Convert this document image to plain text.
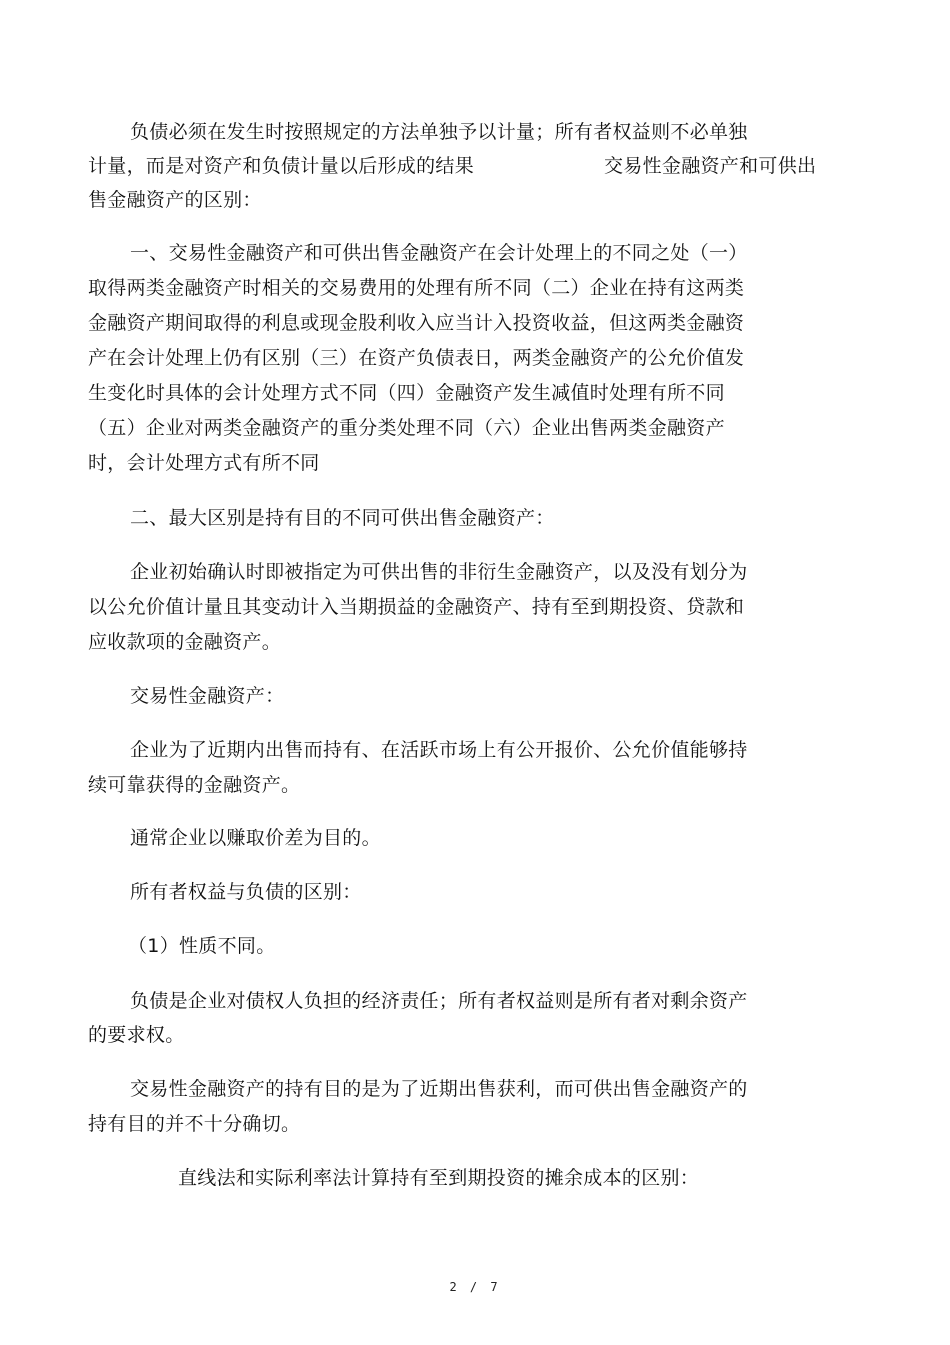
负债必须在发生时按照规定的方法单独予以计量；所有者权益则不必单独
计量，而是对资产和负债计量以后形成的结果	交易性金融资产和可供出
售金融资产的区别：
一、交易性金融资产和可供出售金融资产在会计处理上的不同之处（一）
取得两类金融资产时相关的交易费用的处理有所不同（二）企业在持有这两类
金融资产期间取得的利息或现金股利收入应当计入投资收益，但这两类金融资
产在会计处理上仍有区别（三）在资产负债表日，两类金融资产的公允价值发
生变化时具体的会计处理方式不同（四）金融资产发生减值时处理有所不同
（五）企业对两类金融资产的重分类处理不同（六）企业出售两类金融资产
时，会计处理方式有所不同
二、最大区别是持有目的不同可供出售金融资产：
企业初始确认时即被指定为可供出售的非衍生金融资产，以及没有划分为
以公允价值计量且其变动计入当期损益的金融资产、持有至到期投资、贷款和
应收款项的金融资产。
交易性金融资产：
企业为了近期内出售而持有、在活跃市场上有公开报价、公允价值能够持
续可靠获得的金融资产。
通常企业以赚取价差为目的。
所有者权益与负债的区别：
（1）性质不同。
负债是企业对债权人负担的经济责任；所有者权益则是所有者对剩余资产
的要求权。
交易性金融资产的持有目的是为了近期出售获利，而可供出售金融资产的
持有目的并不十分确切。
直线法和实际利率法计算持有至到期投资的摊余成本的区别：
2 / 7
